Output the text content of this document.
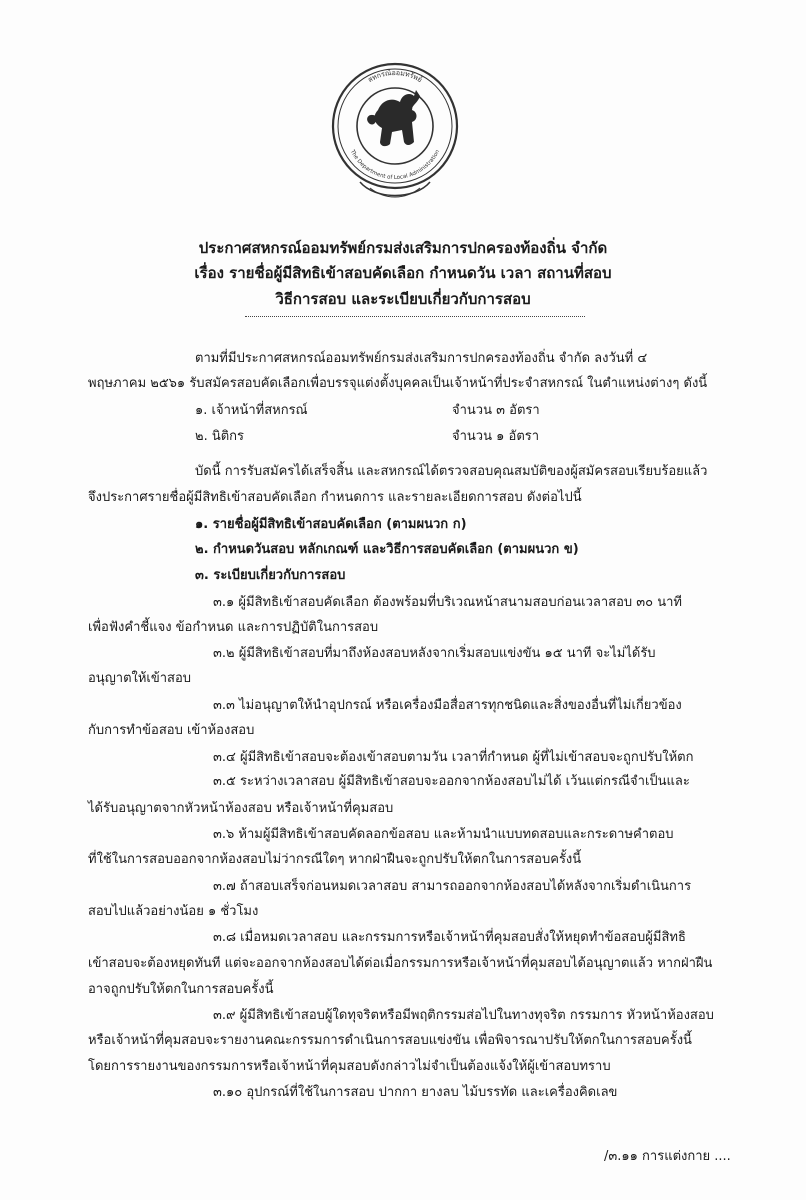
สหกรณ์ออมทรัพย์
The Department of Local Administration
ประกาศสหกรณ์ออมทรัพย์กรมส่งเสริมการปกครองท้องถิ่น จำกัด
เรื่อง รายชื่อผู้มีสิทธิเข้าสอบคัดเลือก กำหนดวัน เวลา สถานที่สอบ
วิธีการสอบ และระเบียบเกี่ยวกับการสอบ
ตามที่มีประกาศสหกรณ์ออมทรัพย์กรมส่งเสริมการปกครองท้องถิ่น จำกัด ลงวันที่ ๔
พฤษภาคม ๒๕๖๑ รับสมัครสอบคัดเลือกเพื่อบรรจุแต่งตั้งบุคคลเป็นเจ้าหน้าที่ประจำสหกรณ์ ในตำแหน่งต่างๆ ดังนี้
๑. เจ้าหน้าที่สหกรณ์	จำนวน ๓ อัตรา
๒. นิติกร	จำนวน ๑ อัตรา
บัดนี้ การรับสมัครได้เสร็จสิ้น และสหกรณ์ได้ตรวจสอบคุณสมบัติของผู้สมัครสอบเรียบร้อยแล้ว
จึงประกาศรายชื่อผู้มีสิทธิเข้าสอบคัดเลือก กำหนดการ และรายละเอียดการสอบ ดังต่อไปนี้
๑. รายชื่อผู้มีสิทธิเข้าสอบคัดเลือก (ตามผนวก ก)
๒. กำหนดวันสอบ หลักเกณฑ์ และวิธีการสอบคัดเลือก (ตามผนวก ข)
๓. ระเบียบเกี่ยวกับการสอบ
๓.๑ ผู้มีสิทธิเข้าสอบคัดเลือก ต้องพร้อมที่บริเวณหน้าสนามสอบก่อนเวลาสอบ ๓๐ นาที
เพื่อฟังคำชี้แจง ข้อกำหนด และการปฏิบัติในการสอบ
๓.๒ ผู้มีสิทธิเข้าสอบที่มาถึงห้องสอบหลังจากเริ่มสอบแข่งขัน ๑๕ นาที จะไม่ได้รับ
อนุญาตให้เข้าสอบ
๓.๓ ไม่อนุญาตให้นำอุปกรณ์ หรือเครื่องมือสื่อสารทุกชนิดและสิ่งของอื่นที่ไม่เกี่ยวข้อง
กับการทำข้อสอบ เข้าห้องสอบ
๓.๔ ผู้มีสิทธิเข้าสอบจะต้องเข้าสอบตามวัน เวลาที่กำหนด ผู้ที่ไม่เข้าสอบจะถูกปรับให้ตก
๓.๕ ระหว่างเวลาสอบ ผู้มีสิทธิเข้าสอบจะออกจากห้องสอบไม่ได้ เว้นแต่กรณีจำเป็นและ
ได้รับอนุญาตจากหัวหน้าห้องสอบ หรือเจ้าหน้าที่คุมสอบ
๓.๖ ห้ามผู้มีสิทธิเข้าสอบคัดลอกข้อสอบ และห้ามนำแบบทดสอบและกระดาษคำตอบ
ที่ใช้ในการสอบออกจากห้องสอบไม่ว่ากรณีใดๆ หากฝ่าฝืนจะถูกปรับให้ตกในการสอบครั้งนี้
๓.๗ ถ้าสอบเสร็จก่อนหมดเวลาสอบ สามารถออกจากห้องสอบได้หลังจากเริ่มดำเนินการ
สอบไปแล้วอย่างน้อย ๑ ชั่วโมง
๓.๘ เมื่อหมดเวลาสอบ และกรรมการหรือเจ้าหน้าที่คุมสอบสั่งให้หยุดทำข้อสอบผู้มีสิทธิ
เข้าสอบจะต้องหยุดทันที แต่จะออกจากห้องสอบได้ต่อเมื่อกรรมการหรือเจ้าหน้าที่คุมสอบได้อนุญาตแล้ว หากฝ่าฝืน
อาจถูกปรับให้ตกในการสอบครั้งนี้
๓.๙ ผู้มีสิทธิเข้าสอบผู้ใดทุจริตหรือมีพฤติกรรมส่อไปในทางทุจริต กรรมการ หัวหน้าห้องสอบ
หรือเจ้าหน้าที่คุมสอบจะรายงานคณะกรรมการดำเนินการสอบแข่งขัน เพื่อพิจารณาปรับให้ตกในการสอบครั้งนี้
โดยการรายงานของกรรมการหรือเจ้าหน้าที่คุมสอบดังกล่าวไม่จำเป็นต้องแจ้งให้ผู้เข้าสอบทราบ
๓.๑๐ อุปกรณ์ที่ใช้ในการสอบ ปากกา ยางลบ ไม้บรรทัด และเครื่องคิดเลข
/๓.๑๑ การแต่งกาย ....
